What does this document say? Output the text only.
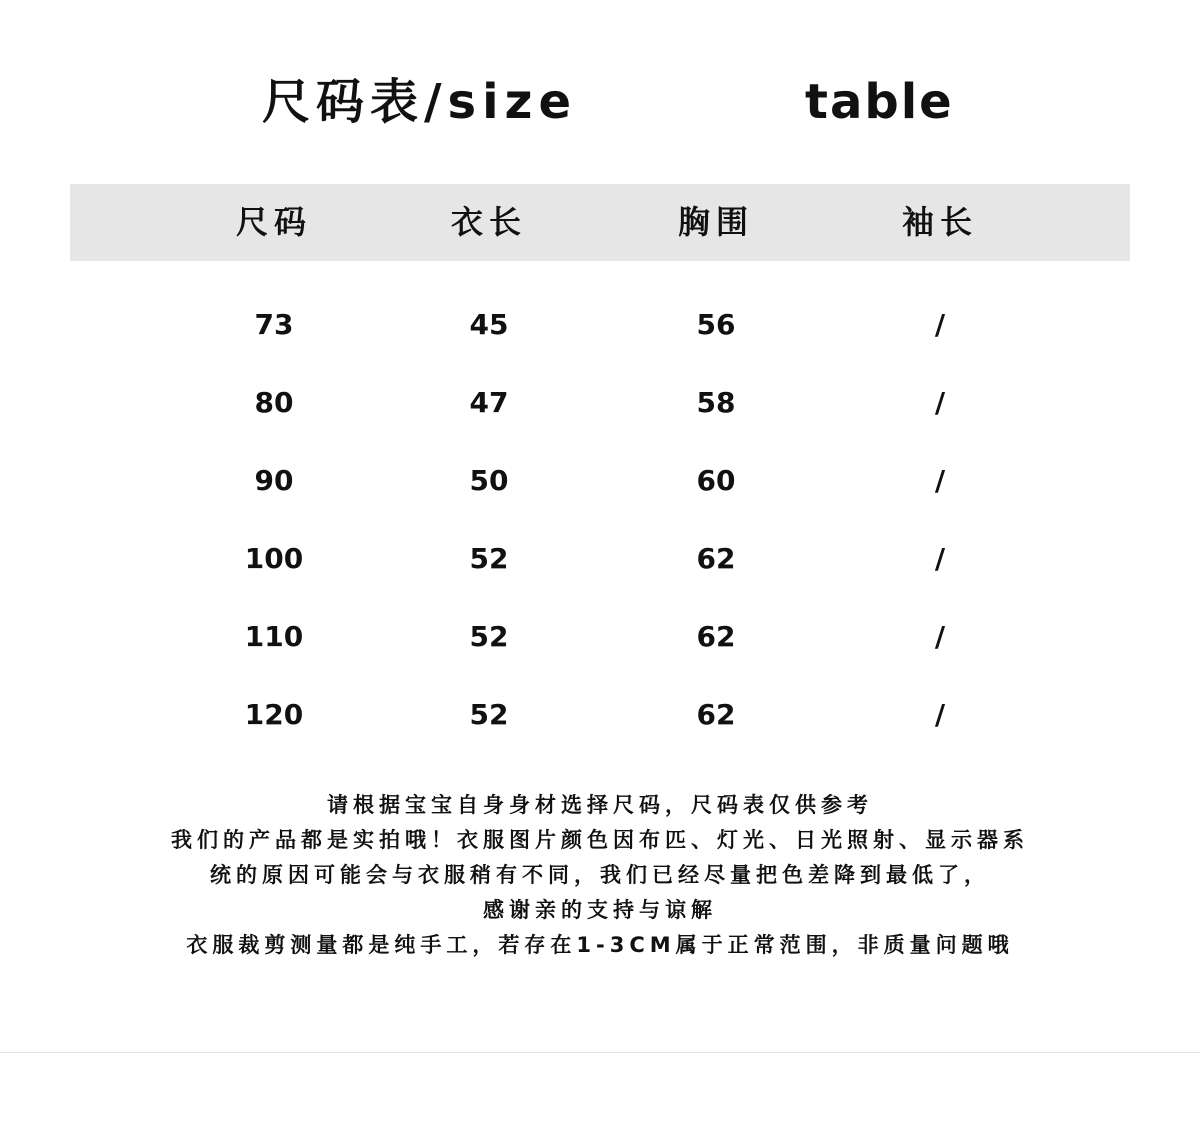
尺码表/size	table
尺码	衣长	胸围	袖长
73	45	56	/
80	47	58	/
90	50	60	/
100	52	62	/
110	52	62	/
120	52	62	/
请根据宝宝自身身材选择尺码，尺码表仅供参考
我们的产品都是实拍哦！衣服图片颜色因布匹、灯光、日光照射、显示器系
统的原因可能会与衣服稍有不同，我们已经尽量把色差降到最低了，
感谢亲的支持与谅解
衣服裁剪测量都是纯手工，若存在1-3CM属于正常范围，非质量问题哦
